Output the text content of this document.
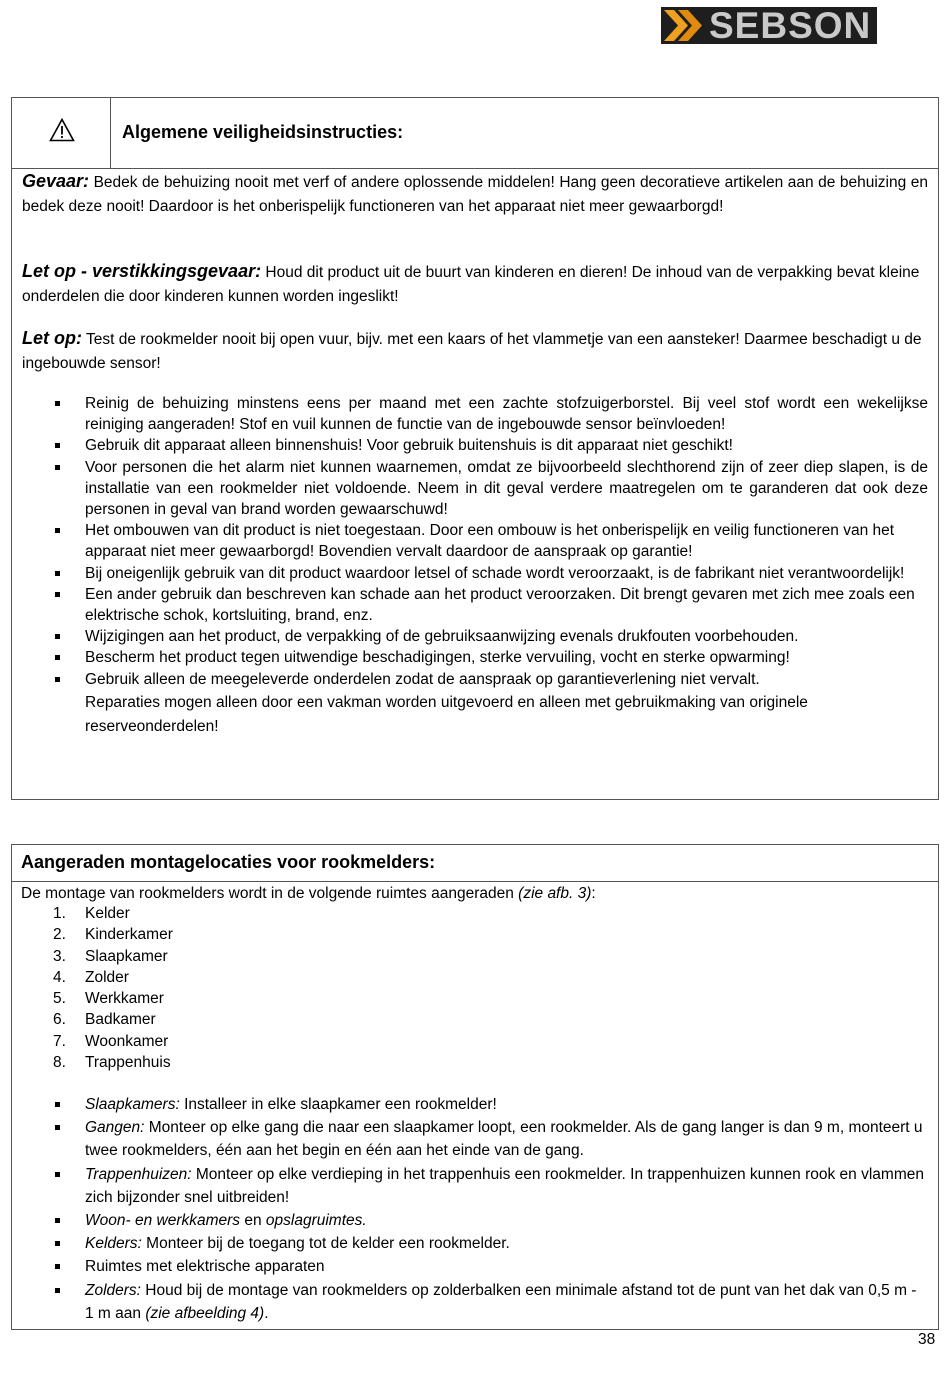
SEBSON
Algemene veiligheidsinstructies:
Gevaar: Bedek de behuizing nooit met verf of andere oplossende middelen! Hang geen decoratieve artikelen aan de behuizing en bedek deze nooit! Daardoor is het onberispelijk functioneren van het apparaat niet meer gewaarborgd!
Let op - verstikkingsgevaar: Houd dit product uit de buurt van kinderen en dieren! De inhoud van de verpakking bevat kleine onderdelen die door kinderen kunnen worden ingeslikt!
Let op: Test de rookmelder nooit bij open vuur, bijv. met een kaars of het vlammetje van een aansteker! Daarmee beschadigt u de ingebouwde sensor!
Reinig de behuizing minstens eens per maand met een zachte stofzuigerborstel. Bij veel stof wordt een wekelijkse reiniging aangeraden! Stof en vuil kunnen de functie van de ingebouwde sensor beïnvloeden!
Gebruik dit apparaat alleen binnenshuis! Voor gebruik buitenshuis is dit apparaat niet geschikt!
Voor personen die het alarm niet kunnen waarnemen, omdat ze bijvoorbeeld slechthorend zijn of zeer diep slapen, is de installatie van een rookmelder niet voldoende. Neem in dit geval verdere maatregelen om te garanderen dat ook deze personen in geval van brand worden gewaarschuwd!
Het ombouwen van dit product is niet toegestaan. Door een ombouw is het onberispelijk en veilig functioneren van het apparaat niet meer gewaarborgd! Bovendien vervalt daardoor de aanspraak op garantie!
Bij oneigenlijk gebruik van dit product waardoor letsel of schade wordt veroorzaakt, is de fabrikant niet verantwoordelijk!
Een ander gebruik dan beschreven kan schade aan het product veroorzaken. Dit brengt gevaren met zich mee zoals een elektrische schok, kortsluiting, brand, enz.
Wijzigingen aan het product, de verpakking of de gebruiksaanwijzing evenals drukfouten voorbehouden.
Bescherm het product tegen uitwendige beschadigingen, sterke vervuiling, vocht en sterke opwarming!
Gebruik alleen de meegeleverde onderdelen zodat de aanspraak op garantieverlening niet vervalt.
Reparaties mogen alleen door een vakman worden uitgevoerd en alleen met gebruikmaking van originele reserveonderdelen!
Aangeraden montagelocaties voor rookmelders:
De montage van rookmelders wordt in de volgende ruimtes aangeraden (zie afb. 3):
1. Kelder
2. Kinderkamer
3. Slaapkamer
4. Zolder
5. Werkkamer
6. Badkamer
7. Woonkamer
8. Trappenhuis
Slaapkamers: Installeer in elke slaapkamer een rookmelder!
Gangen: Monteer op elke gang die naar een slaapkamer loopt, een rookmelder. Als de gang langer is dan 9 m, monteert u twee rookmelders, één aan het begin en één aan het einde van de gang.
Trappenhuizen: Monteer op elke verdieping in het trappenhuis een rookmelder. In trappenhuizen kunnen rook en vlammen zich bijzonder snel uitbreiden!
Woon- en werkkamers en opslagruimtes.
Kelders: Monteer bij de toegang tot de kelder een rookmelder.
Ruimtes met elektrische apparaten
Zolders: Houd bij de montage van rookmelders op zolderbalken een minimale afstand tot de punt van het dak van 0,5 m - 1 m aan (zie afbeelding 4).
38
